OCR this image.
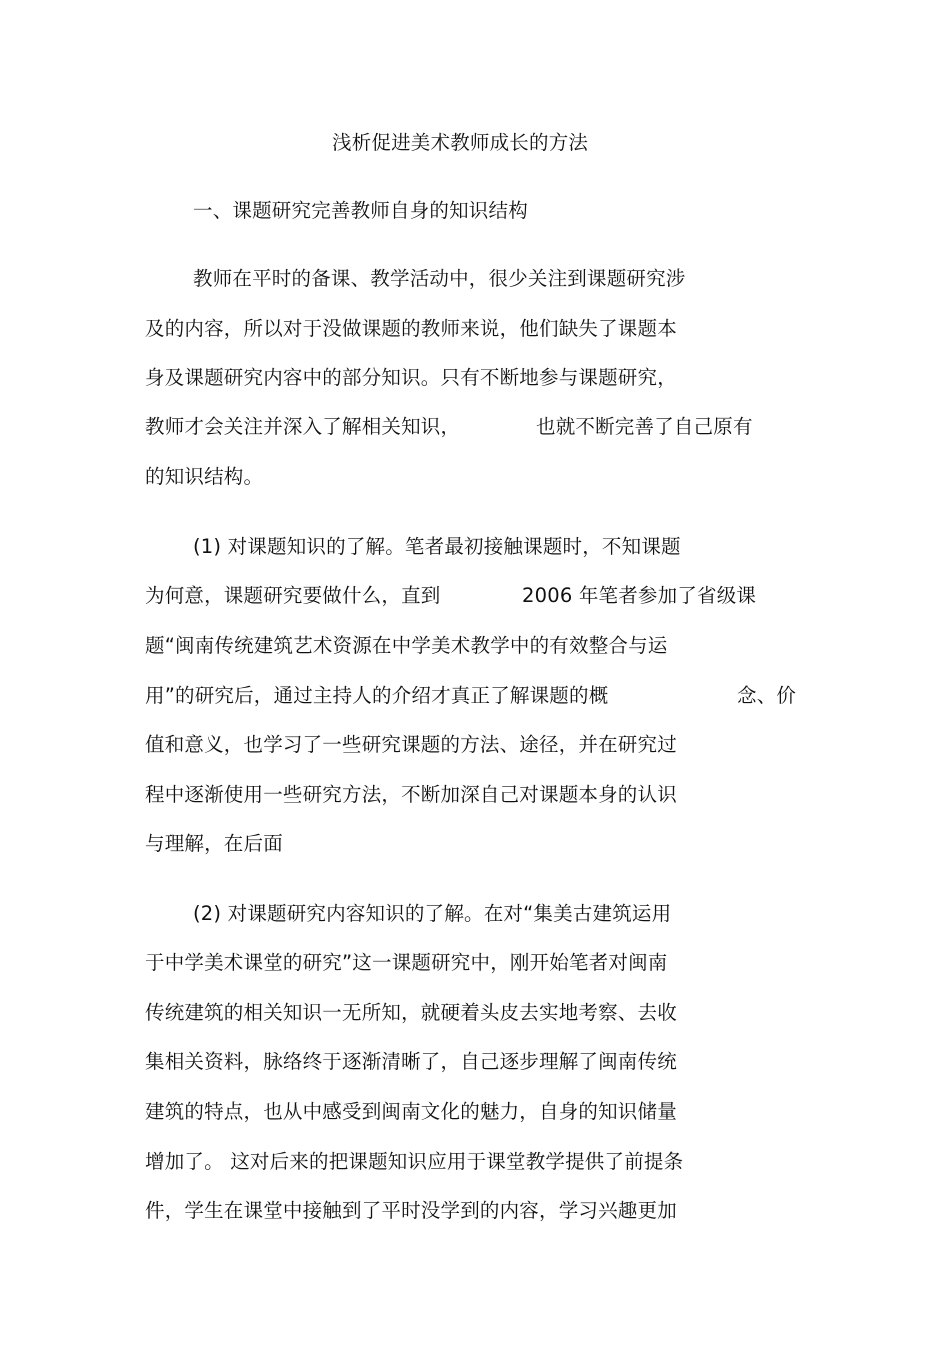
浅析促进美术教师成长的方法
一、课题研究完善教师自身的知识结构
教师在平时的备课、教学活动中，很少关注到课题研究涉
及的内容，所以对于没做课题的教师来说，他们缺失了课题本
身及课题研究内容中的部分知识。只有不断地参与课题研究，
教师才会关注并深入了解相关知识，	也就不断完善了自己原有
的知识结构。
(1) 对课题知识的了解。笔者最初接触课题时，不知课题
为何意，课题研究要做什么，直到	2006 年笔者参加了省级课
题“闽南传统建筑艺术资源在中学美术教学中的有效整合与运
用”的研究后，通过主持人的介绍才真正了解课题的概	念、价
值和意义，也学习了一些研究课题的方法、途径，并在研究过
程中逐渐使用一些研究方法，不断加深自己对课题本身的认识
与理解，在后面
(2) 对课题研究内容知识的了解。在对“集美古建筑运用
于中学美术课堂的研究”这一课题研究中，刚开始笔者对闽南
传统建筑的相关知识一无所知，就硬着头皮去实地考察、去收
集相关资料，脉络终于逐渐清晰了，自己逐步理解了闽南传统
建筑的特点，也从中感受到闽南文化的魅力，自身的知识储量
增加了。 这对后来的把课题知识应用于课堂教学提供了前提条
件，学生在课堂中接触到了平时没学到的内容，学习兴趣更加
